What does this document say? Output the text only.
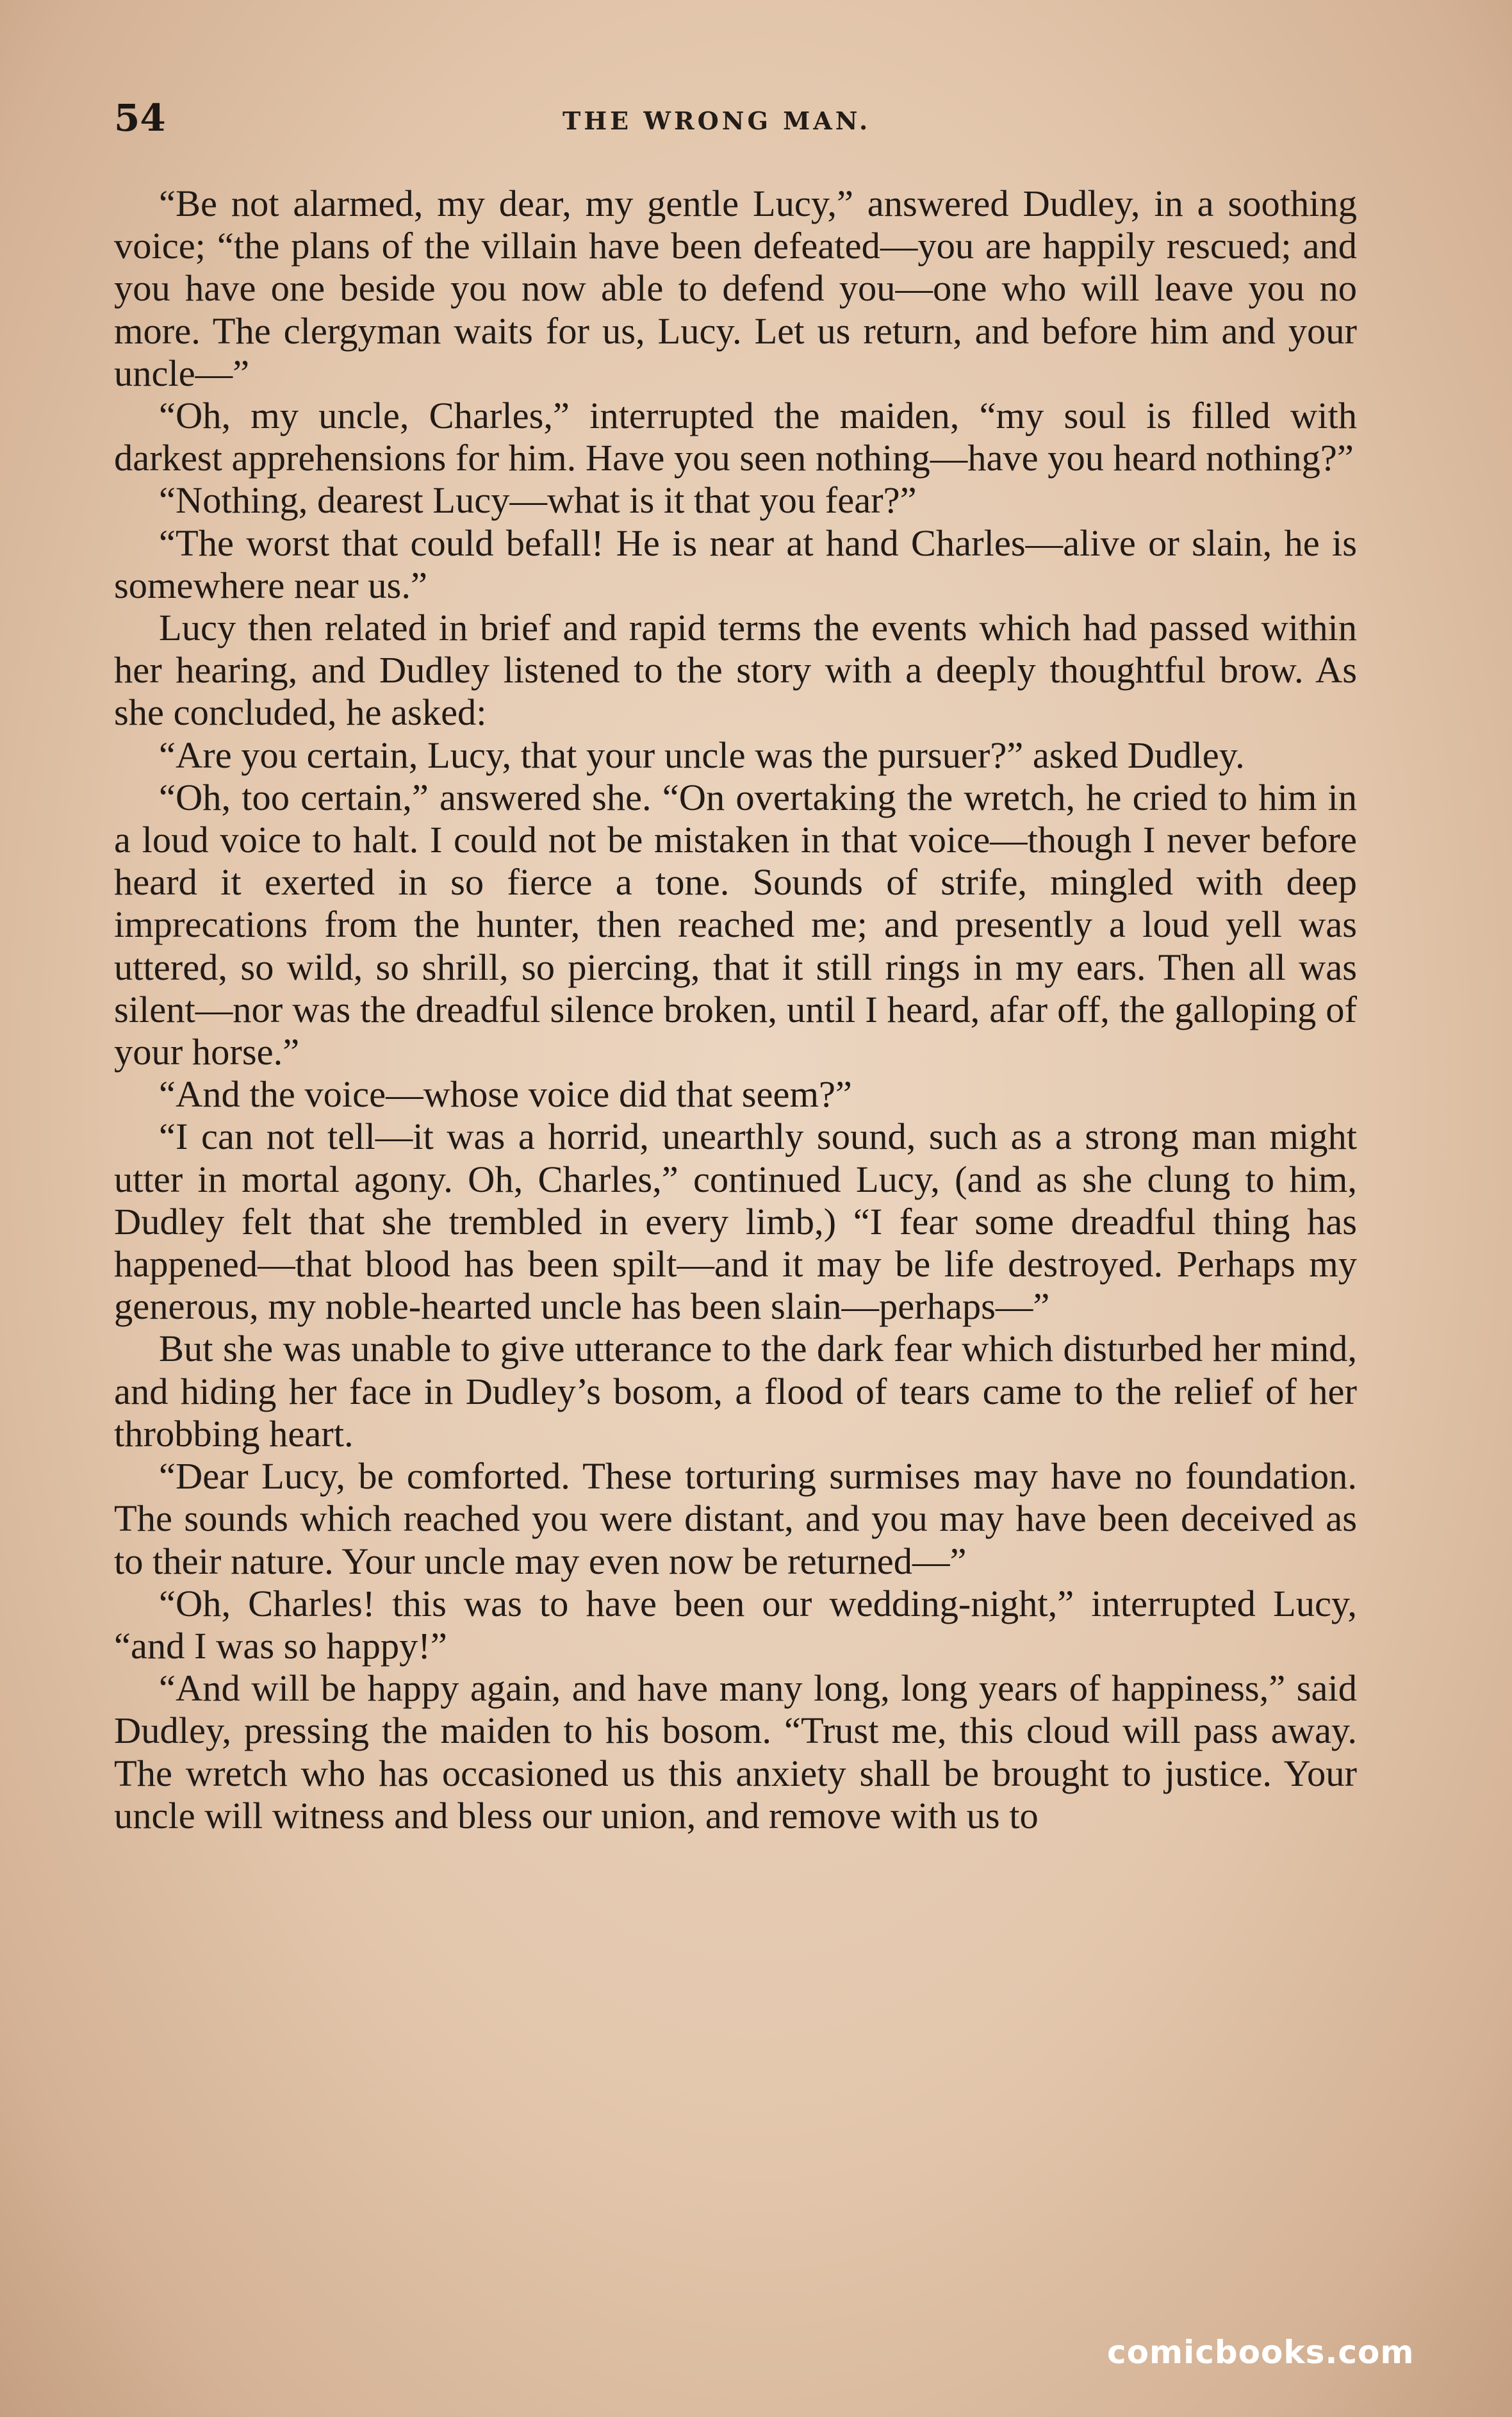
54	THE WRONG MAN.

“Be not alarmed, my dear, my gentle Lucy,” answered Dudley, in a soothing voice; “the plans of the villain have been defeated—you are happily rescued; and you have one beside you now able to defend you—one who will leave you no more. The clergyman waits for us, Lucy. Let us return, and before him and your uncle—”

“Oh, my uncle, Charles,” interrupted the maiden, “my soul is filled with darkest apprehensions for him. Have you seen nothing—have you heard nothing?”

“Nothing, dearest Lucy—what is it that you fear?”

“The worst that could befall! He is near at hand Charles—alive or slain, he is somewhere near us.”

Lucy then related in brief and rapid terms the events which had passed within her hearing, and Dudley listened to the story with a deeply thoughtful brow. As she concluded, he asked:

“Are you certain, Lucy, that your uncle was the pursuer?” asked Dudley.

“Oh, too certain,” answered she. “On overtaking the wretch, he cried to him in a loud voice to halt. I could not be mistaken in that voice—though I never before heard it exerted in so fierce a tone. Sounds of strife, mingled with deep imprecations from the hunter, then reached me; and presently a loud yell was uttered, so wild, so shrill, so piercing, that it still rings in my ears. Then all was silent—nor was the dreadful silence broken, until I heard, afar off, the galloping of your horse.”

“And the voice—whose voice did that seem?”

“I can not tell—it was a horrid, unearthly sound, such as a strong man might utter in mortal agony. Oh, Charles,” continued Lucy, (and as she clung to him, Dudley felt that she trembled in every limb,) “I fear some dreadful thing has happened—that blood has been spilt—and it may be life destroyed. Perhaps my generous, my noble-hearted uncle has been slain—perhaps—”

But she was unable to give utterance to the dark fear which disturbed her mind, and hiding her face in Dudley’s bosom, a flood of tears came to the relief of her throbbing heart.

“Dear Lucy, be comforted. These torturing surmises may have no foundation. The sounds which reached you were distant, and you may have been deceived as to their nature. Your uncle may even now be returned—”

“Oh, Charles! this was to have been our wedding-night,” interrupted Lucy, “and I was so happy!”

“And will be happy again, and have many long, long years of happiness,” said Dudley, pressing the maiden to his bosom. “Trust me, this cloud will pass away. The wretch who has occasioned us this anxiety shall be brought to justice. Your uncle will witness and bless our union, and remove with us to

comicbooks.com
